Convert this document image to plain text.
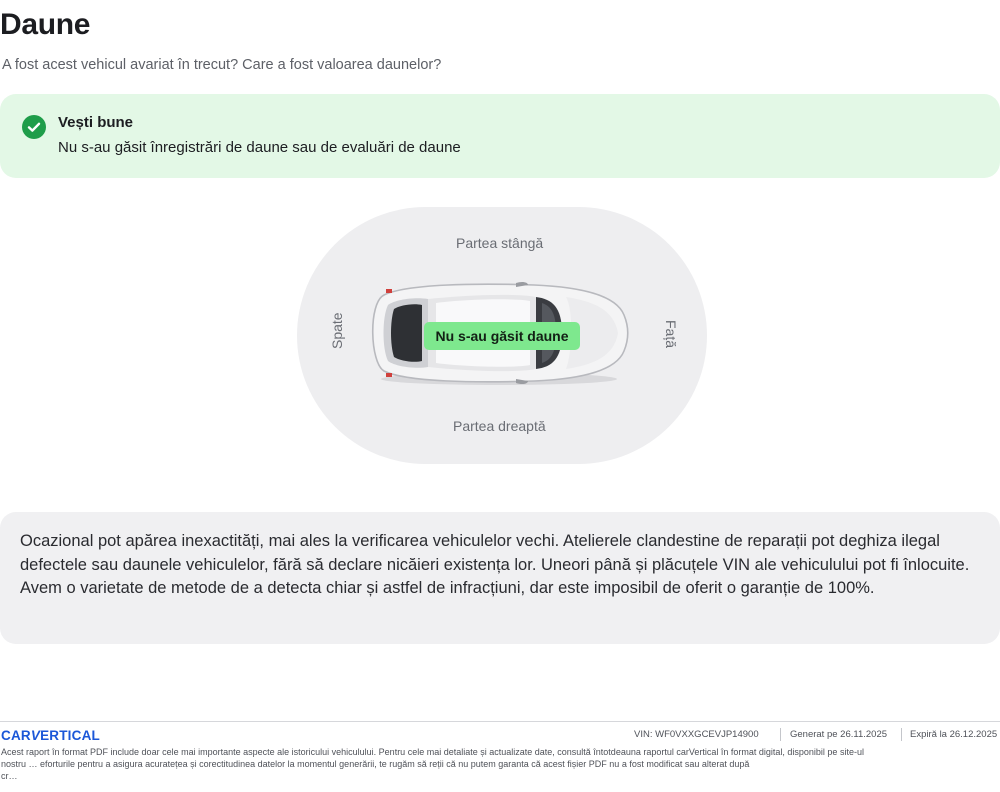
Daune
A fost acest vehicul avariat în trecut? Care a fost valoarea daunelor?
Vești bune
Nu s-au găsit înregistrări de daune sau de evaluări de daune
Partea stângă
Partea dreaptă
Spate	Față
Nu s-au găsit daune
Ocazional pot apărea inexactități, mai ales la verificarea vehiculelor vechi. Atelierele clandestine de reparații pot deghiza ilegal defectele sau daunele vehiculelor, fără să declare nicăieri existența lor. Uneori până și plăcuțele VIN ale vehiculului pot fi înlocuite. Avem o varietate de metode de a detecta chiar și astfel de infracțiuni, dar este imposibil de oferit o garanție de 100%.
CARVERTICAL	VIN: WF0VXXGCEVJP14900	Generat pe 26.11.2025 Expiră la 26.12.2025
Acest raport în format PDF include doar cele mai importante aspecte ale istoricului vehiculului. Pentru cele mai detaliate și actualizate date, consultă întotdeauna raportul carVertical în format digital, disponibil pe site-ul
nostru … eforturile pentru a asigura acuratețea și corectitudinea datelor la momentul generării, te rugăm să reții că nu putem garanta că acest fișier PDF nu a fost modificat sau alterat după
cr…
